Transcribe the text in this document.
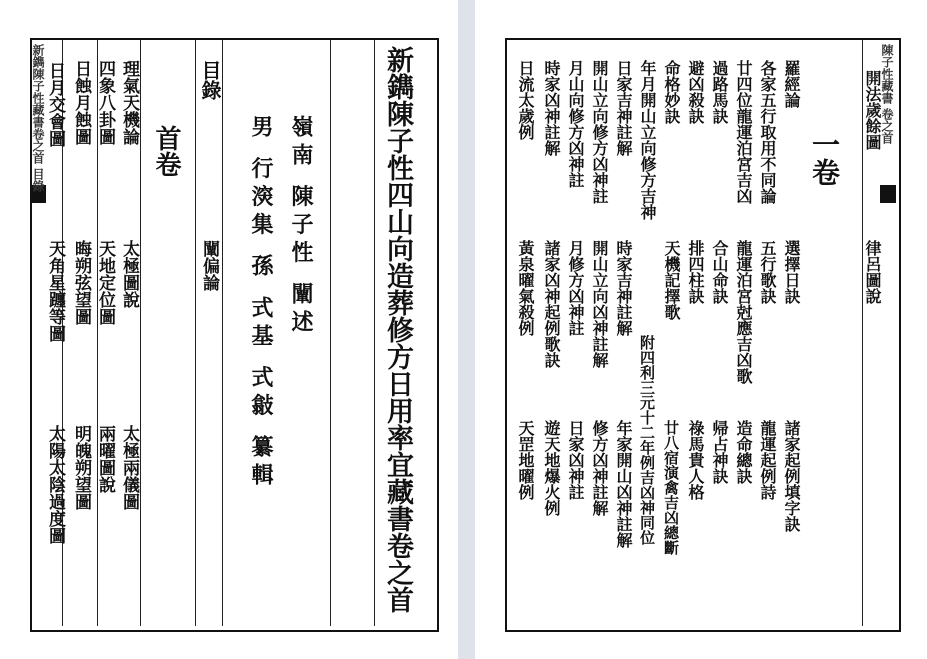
新鐫陳子性藏書卷之首 目錄 日月交會圖
天角星躔等圖
太陽太陰過度圖
日蝕月蝕圖
晦朔弦望圖
明魄朔望圖
四象八卦圖
天地定位圖
兩曜圖說
理氣天機論
太極圖說
太極兩儀圖
首卷
目錄
闡偏論 男 行㴱集 孫 式基 式㪧 纂輯 嶺南 陳子性 闡述	新鐫陳子性四山向造葬修方日用率宜藏書卷之首	陳子性藏書 卷之首
開法歲餘圖
律呂圖說
一卷
羅經論
選擇日訣
諸家起例填字訣
各家五行取用不同論
五行歌訣
龍運起例詩
廿四位龍運泊宮吉凶
龍運泊宮尅應吉凶歌
造命總訣
過路馬訣
合山命訣
帰占神訣
避凶殺訣
排四柱訣
祿馬貴人格
命格妙訣
天機記擇歌
廿八宿演禽吉凶總斷
年月開山立向修方吉神
附四利三元十二年例吉凶神同位
日家吉神註解
時家吉神註解
年家開山凶神註解
開山立向修方凶神註
開山立向凶神註解
修方凶神註解
月山向修方凶神註
月修方凶神註
日家凶神註
時家凶神註解
諸家凶神起例歌訣
遊天地爆火例
日流太歲例
黃泉曜氣殺例
天罡地曜例
